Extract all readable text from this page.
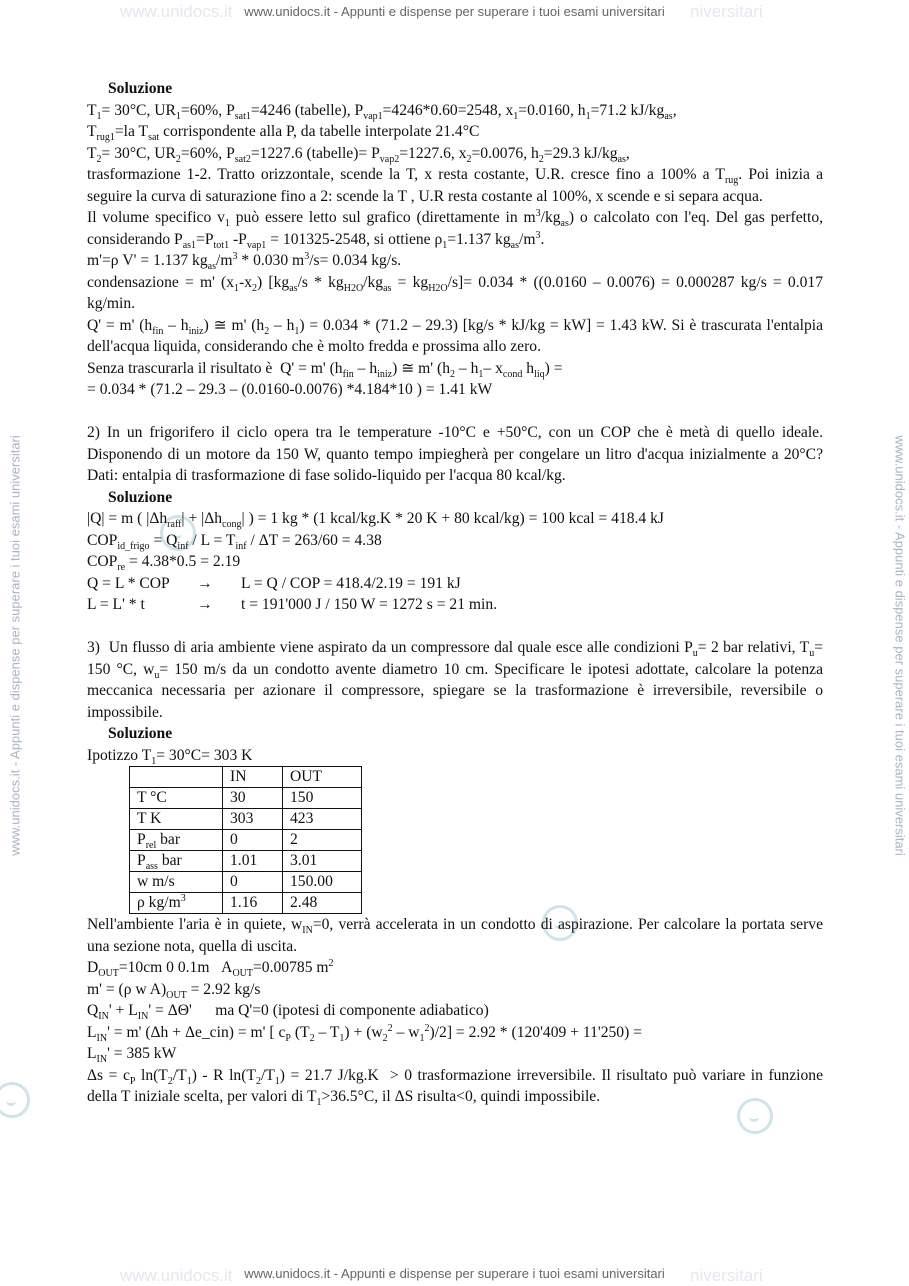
www.unidocs.it	niversitari
www.unidocs.it	niversitari
www.unidocs.it - Appunti e dispense per superare i tuoi esami universitari
www.unidocs.it - Appunti e dispense per superare i tuoi esami universitari
www.unidocs.it - Appunti e dispense per superare i tuoi esami universitari	www.unidocs.it - Appunti e dispense per superare i tuoi esami universitari

Soluzione

$T_1= 30^\circ C$, $UR_1=60\%$, $P_{sat1}=4246$ (tabelle), $P_{vap1}=4246*0.60=2548$, $x_1=0.0160$, $h_1=71.2$ $kJ/kg_{as}$,

$T_{rug1}=la$ $T_{sat}$ corrispondente alla P, da tabelle interpolate 21.4°C

$T_2= 30^\circ C$, $UR_2=60\%$, $P_{sat2}=1227.6$ (tabelle)= $P_{vap2}=1227.6$, $x_2=0.0076$, $h_2=29.3$ $kJ/kg_{as}$,

trasformazione 1-2. Tratto orizzontale, scende la T, x resta costante, U.R. cresce fino a 100% a $T_{rug}$. Poi inizia a seguire la curva di saturazione fino a 2: scende la T , U.R resta costante al 100%, x scende e si separa acqua.

Il volume specifico $v_1$ può essere letto sul grafico (direttamente in $m^3/kg_{as}$) o calcolato con l'eq. Del gas perfetto, considerando $P_{as1}=P_{tot1}$ $-P_{vap1} = 101325-2548$, si ottiene $\rho_1=1.137$ $kg_{as}/m^3$.

m'=ρ V' = 1.137 $kg_{as}/m^3 * 0.030$ $m^3/s= 0.034$ kg/s.

condensazione = m' $(x_1-x_2)$ $[kg_{as}/s * kg_{H2O}/kg_{as} = kg_{H2O}/s]= 0.034 * ((0.0160 - 0.0076) = 0.000287$ kg/s = 0.017 kg/min.

Q' = m' $(h_{fin} - h_{iniz})$ ≅ m' $(h_2 - h_1) = 0.034 * (71.2 - 29.3)$ [kg/s * kJ/kg = kW] = 1.43 kW. Si è trascurata l'entalpia dell'acqua liquida, considerando che è molto fredda e prossima allo zero.

Senza trascurarla il risultato è  Q' = m' $(h_{fin} - h_{iniz})$ ≅ m' ($h_2 - h_1-$ $x_{cond}$ $h_{liq}$) =

= 0.034 * (71.2 – 29.3 – (0.0160-0.0076) *4.184*10 ) = 1.41 kW

2) In un frigorifero il ciclo opera tra le temperature -10°C e +50°C, con un COP che è metà di quello ideale. Disponendo di un motore da 150 W, quanto tempo impiegherà per congelare un litro d'acqua inizialmente a 20°C? Dati: entalpia di trasformazione di fase solido-liquido per l'acqua 80 kcal/kg.

Soluzione

|Q| = m ( $|\Delta h_{raff}| + |\Delta h_{cong}|$ ) = 1 kg * (1 kcal/kg.K * 20 K + 80 kcal/kg) = 100 kcal = 418.4 kJ

$COP_{id\_frigo} = Q_{inf} / L = T_{inf} / \Delta T = 263/60 = 4.38$

$COP_{re} = 4.38*0.5 = 2.19$

Q = L * COP → L = Q / COP = 418.4/2.19 = 191 kJ

L = L' * t	→ t = 191'000 J / 150 W = 1272 s = 21 min.

3)  Un flusso di aria ambiente viene aspirato da un compressore dal quale esce alle condizioni $P_u= 2$ bar relativi, $T_u= 150$ °C, $w_u= 150$ m/s da un condotto avente diametro 10 cm. Specificare le ipotesi adottate, calcolare la potenza meccanica necessaria per azionare il compressore, spiegare se la trasformazione è irreversibile, reversibile o impossibile.

Soluzione

Ipotizzo $T_1= 30^\circ C= 303$ K

	IN	OUT
T °C	30	150
T K	303	423
$P_{rel}$ bar	0	2
$P_{ass}$ bar	1.01	3.01
w m/s	0	150.00
ρ $kg/m^3$	1.16	2.48

Nell'ambiente l'aria è in quiete, $w_{IN}=0$, verrà accelerata in un condotto di aspirazione. Per calcolare la portata serve una sezione nota, quella di uscita.

$D_{OUT}=10cm$ 0 0.1m   $A_{OUT}=0.00785$ $m^2$

m' = (ρ w $A)_{OUT} = 2.92$ kg/s

$Q_{IN}' + L_{IN}' = \Delta\Theta'$      ma Q'=0 (ipotesi di componente adiabatico)

$L_{IN}' = m'$ (Δh + Δe_cin) = m' [ $c_P$ $(T_2 - T_1) + (w_2^2 - w_1^2)/2] = 2.92 * (120'409 + 11'250)$ =

$L_{IN}' = 385$ kW

$\Delta s = c_P$ $\ln(T_2/T_1)$ - R $\ln(T_2/T_1) = 21.7$ J/kg.K  > 0 trasformazione irreversibile. Il risultato può variare in funzione della T iniziale scelta, per valori di $T_1>36.5^\circ C$, il ΔS risulta<0, quindi impossibile.
